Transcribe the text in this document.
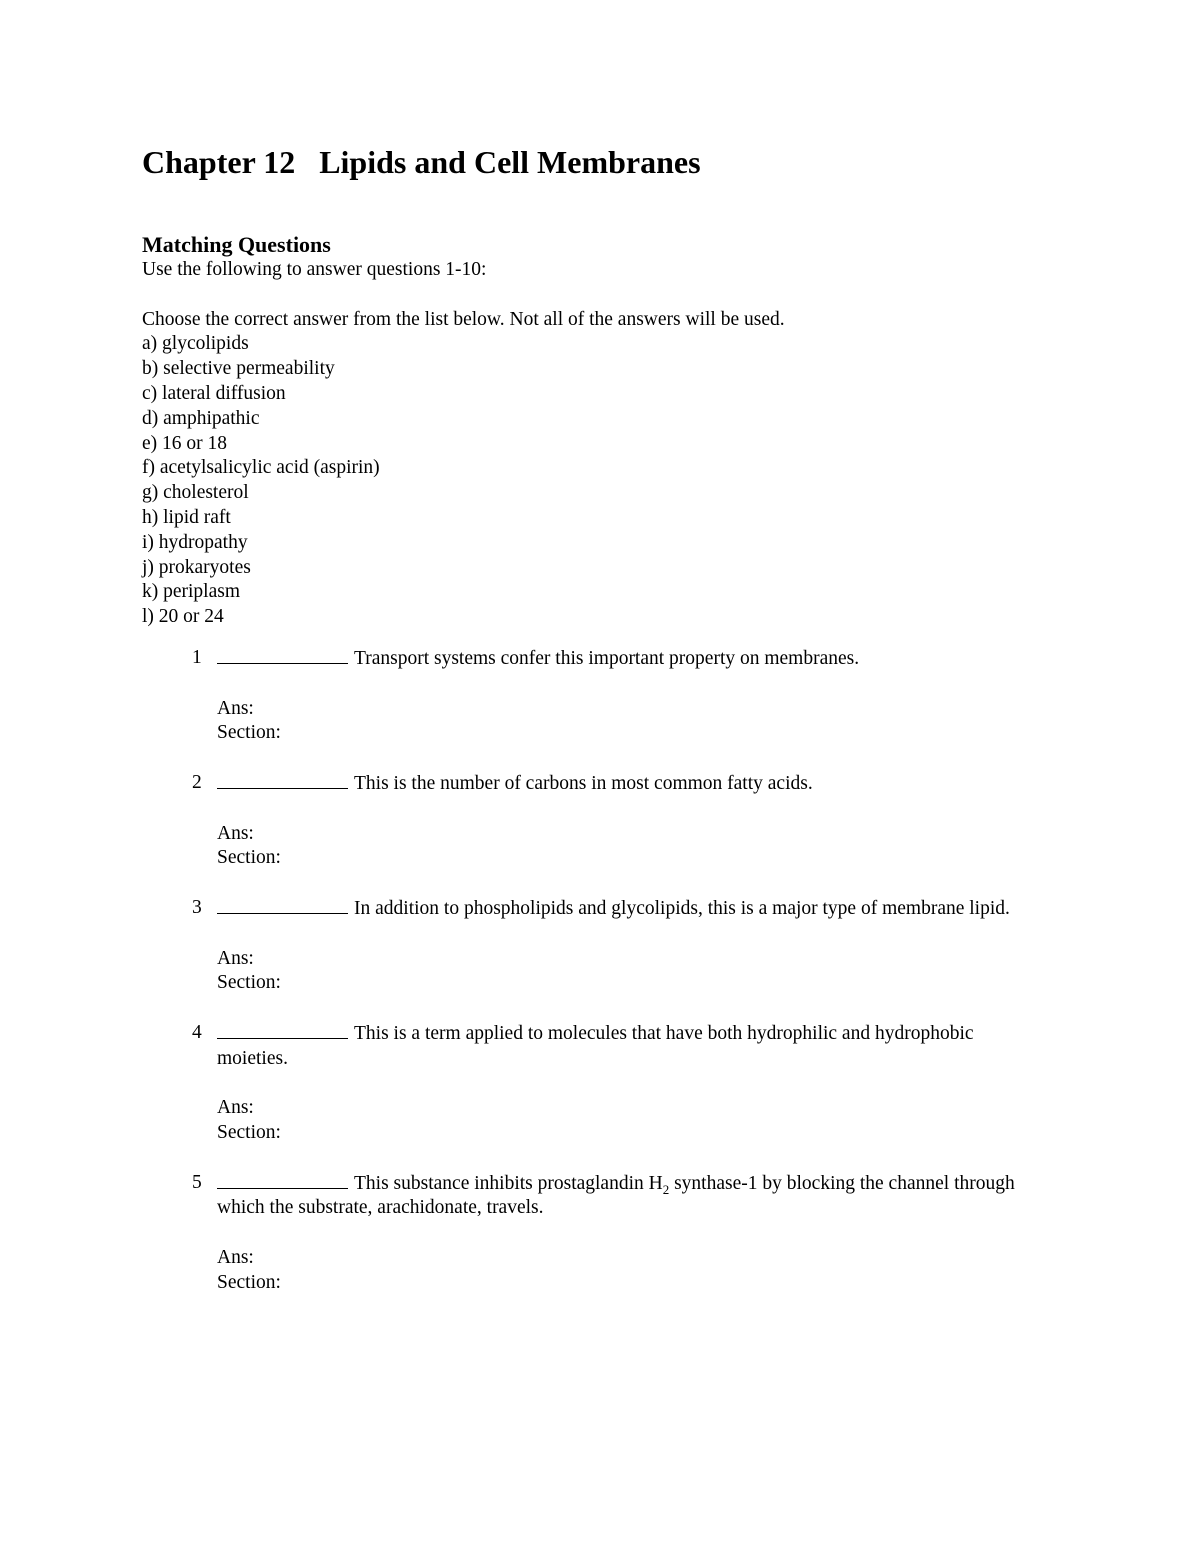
Chapter 12   Lipids and Cell Membranes
Matching Questions

Use the following to answer questions 1-10:

Choose the correct answer from the list below. Not all of the answers will be used.

a) glycolipids
b) selective permeability
c) lateral diffusion
d) amphipathic
e) 16 or 18
f) acetylsalicylic acid (aspirin)
g) cholesterol
h) lipid raft
i) hydropathy
j) prokaryotes
k) periplasm
l) 20 or 24
1	Transport systems confer this important property on membranes.

Ans:

Section:

2	This is the number of carbons in most common fatty acids.

Ans:

Section:

3	In addition to phospholipids and glycolipids, this is a major type of membrane lipid.

Ans:

Section:

4	This is a term applied to molecules that have both hydrophilic and hydrophobic moieties.

Ans:

Section:

5	This substance inhibits prostaglandin $H_2$ synthase-1 by blocking the channel through which the substrate, arachidonate, travels.

Ans:

Section:
